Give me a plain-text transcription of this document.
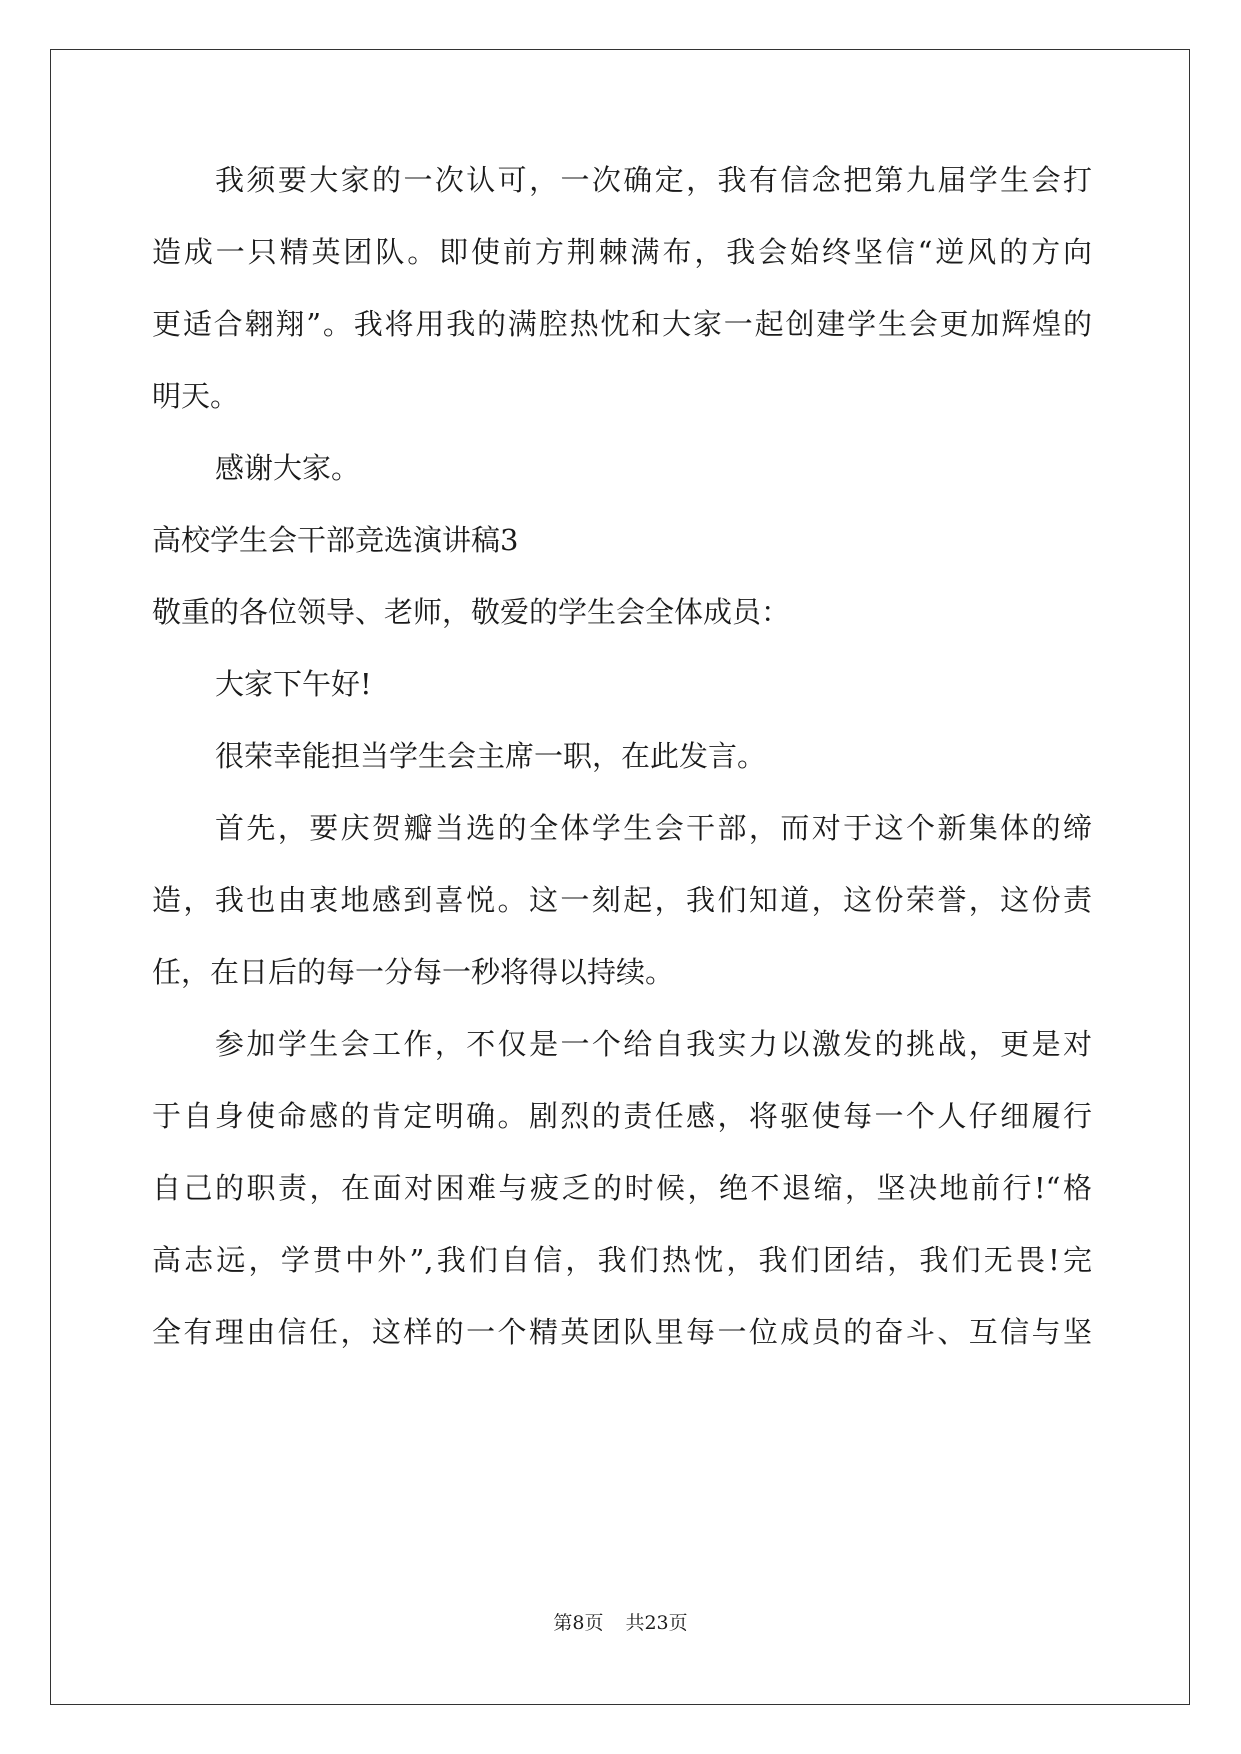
我须要大家的一次认可，一次确定，我有信念把第九届学生会打
造成一只精英团队。即使前方荆棘满布，我会始终坚信“逆风的方向
更适合翱翔”。我将用我的满腔热忱和大家一起创建学生会更加辉煌的
明天。
感谢大家。
高校学生会干部竞选演讲稿3
敬重的各位领导、老师，敬爱的学生会全体成员：
大家下午好!
很荣幸能担当学生会主席一职，在此发言。
首先，要庆贺瓣当选的全体学生会干部，而对于这个新集体的缔
造，我也由衷地感到喜悦。这一刻起，我们知道，这份荣誉，这份责
任，在日后的每一分每一秒将得以持续。
参加学生会工作，不仅是一个给自我实力以激发的挑战，更是对
于自身使命感的肯定明确。剧烈的责任感，将驱使每一个人仔细履行
自己的职责，在面对困难与疲乏的时候，绝不退缩，坚决地前行!“格
高志远，学贯中外”,我们自信，我们热忱，我们团结，我们无畏!完
全有理由信任，这样的一个精英团队里每一位成员的奋斗、互信与坚
第8页 共23页
